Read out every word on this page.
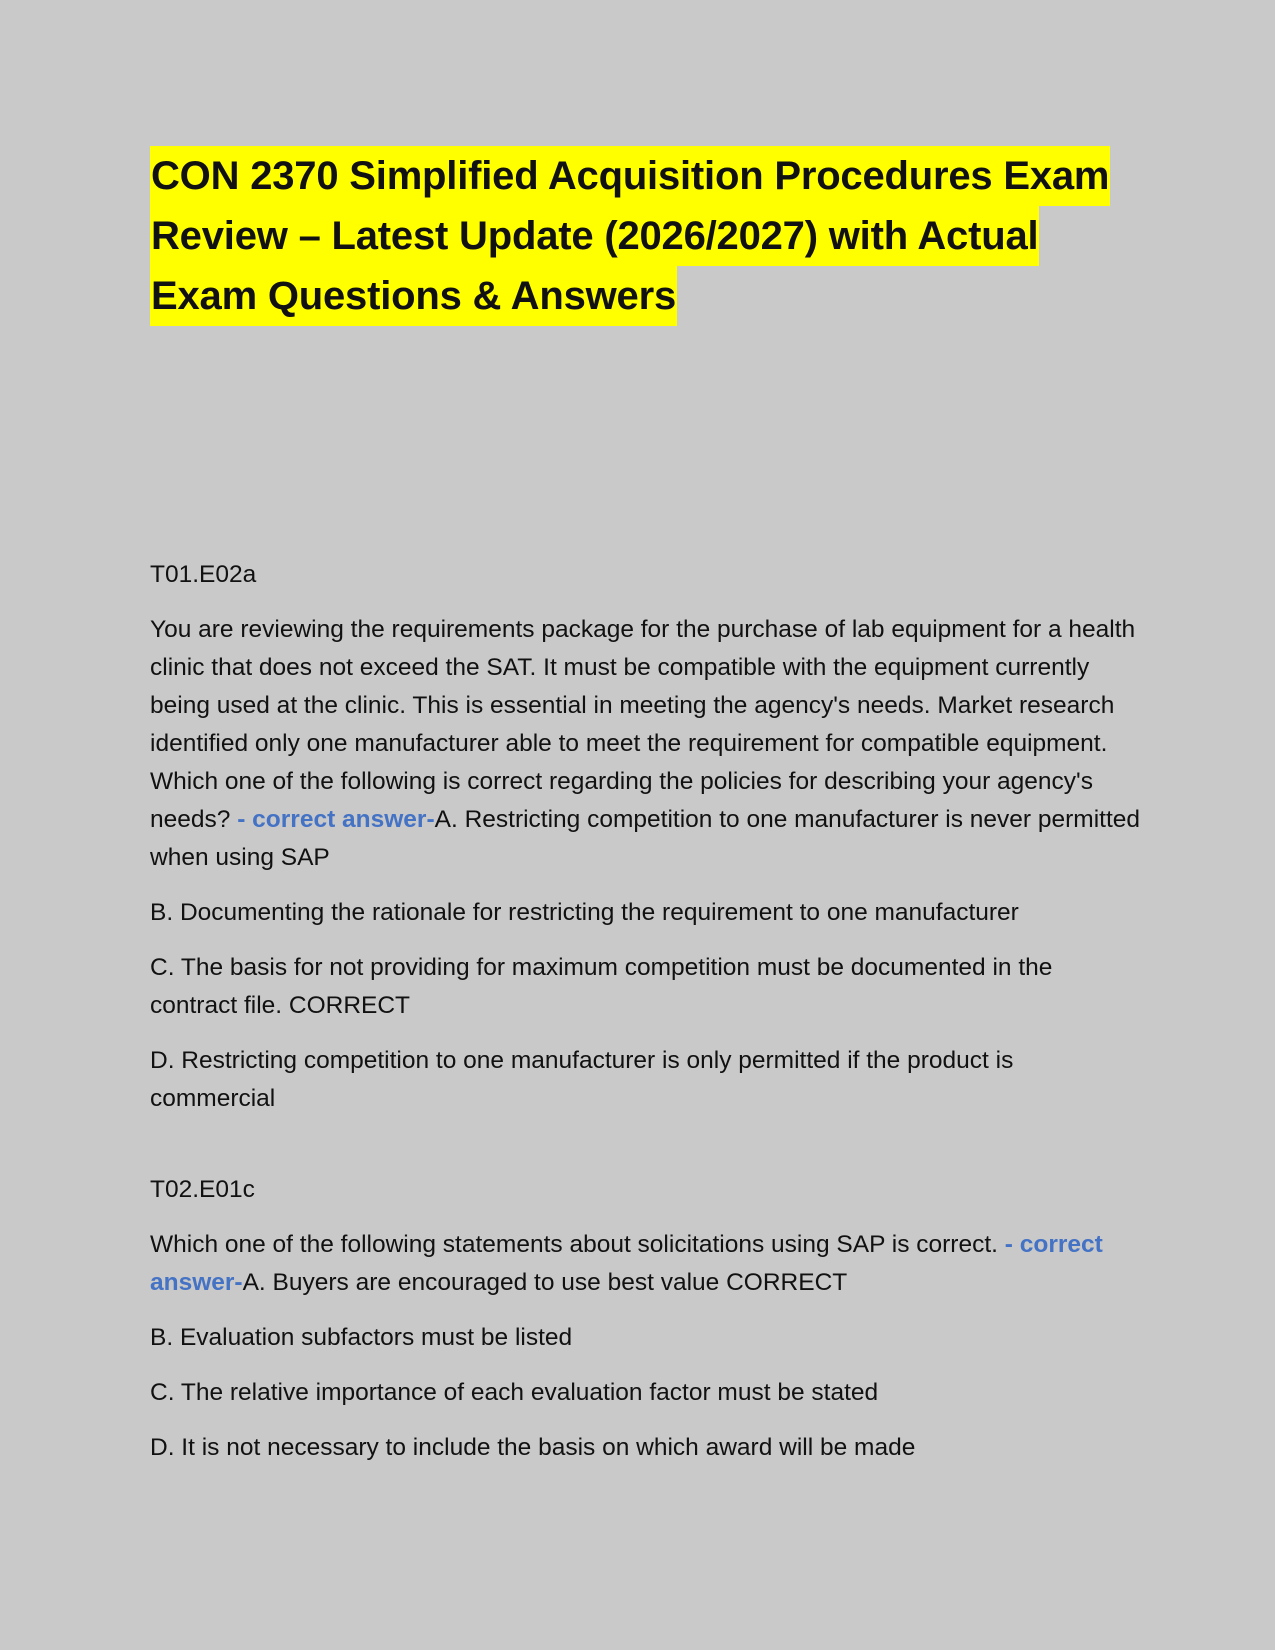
CON 2370 Simplified Acquisition Procedures Exam
Review – Latest Update (2026/2027) with Actual
Exam Questions & Answers
T01.E02a

You are reviewing the requirements package for the purchase of lab equipment for a health clinic that does not exceed the SAT. It must be compatible with the equipment currently being used at the clinic. This is essential in meeting the agency's needs. Market research identified only one manufacturer able to meet the requirement for compatible equipment. Which one of the following is correct regarding the policies for describing your agency's needs? - correct answer-A. Restricting competition to one manufacturer is never permitted when using SAP

B. Documenting the rationale for restricting the requirement to one manufacturer

C. The basis for not providing for maximum competition must be documented in the contract file. CORRECT

D. Restricting competition to one manufacturer is only permitted if the product is commercial

T02.E01c

Which one of the following statements about solicitations using SAP is correct. - correct answer-A. Buyers are encouraged to use best value CORRECT

B. Evaluation subfactors must be listed

C. The relative importance of each evaluation factor must be stated

D. It is not necessary to include the basis on which award will be made
